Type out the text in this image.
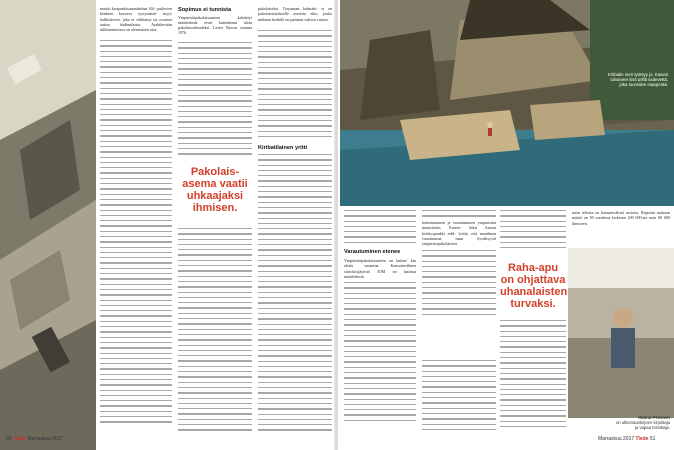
muutti kaupunkisuunnittelun. Kil- pailevien kenkien kasvava tyytymättö- myys hallitukseen, joka ei välittänyt tai osannut auttaa hädänalaisia. Arabikevään tulkitsemisessa on olennainen asia.

Sopimus ei tunnista

Ympäristöpakolaisuuteen kehitetyt määritelmät eivät kuitenkaan ulotu pakolaisoikeudeksi. Lester Brown vuonna 1976.

Pakolais-asema vaatii uhkaajaksi ihmisen.

pakolaiseksi. Torjunnan kulmaki- vi on pakolaisstatukselle asetettu ehto, jonka mukaan henkilö on paennut valtion vainoa.

Kiribatilainen yritti
50 Tiede Marraskuu 2017
Kiribatin meri työntyy jo. Kasvat tulvaneet sisä pöllä sadevettä, joka tuomalee maaperää.
Varautuminen etenee

Ympäristöpakolaisuuteen on kuiten- kin alettu varautua. Kansainvälinen siirtolaisjärjestö IOM on laatinut määritelmiä.

kohentaminen ja varautuminen ympäristön muutoksiin. Esimer- kiksi Aasian kehityspankki edel- lyttää, että maailman vauraimmat	maat hyväksyvät ympäristöpakolaisten.

Raha-apu on ohjattava uhanalaisten turvaksi.

mien tehosta on kansainvälisiä arvioita. Raportin mukaan määrä on 50 vuodessa laskenut 200 000:sta noin 80 000 ihmiseen.

Hannu Pesonen
on ulkomaankirjeen kirjoittaja ja vapaa toimittaja.
Marraskuu 2017 Tiede 51
